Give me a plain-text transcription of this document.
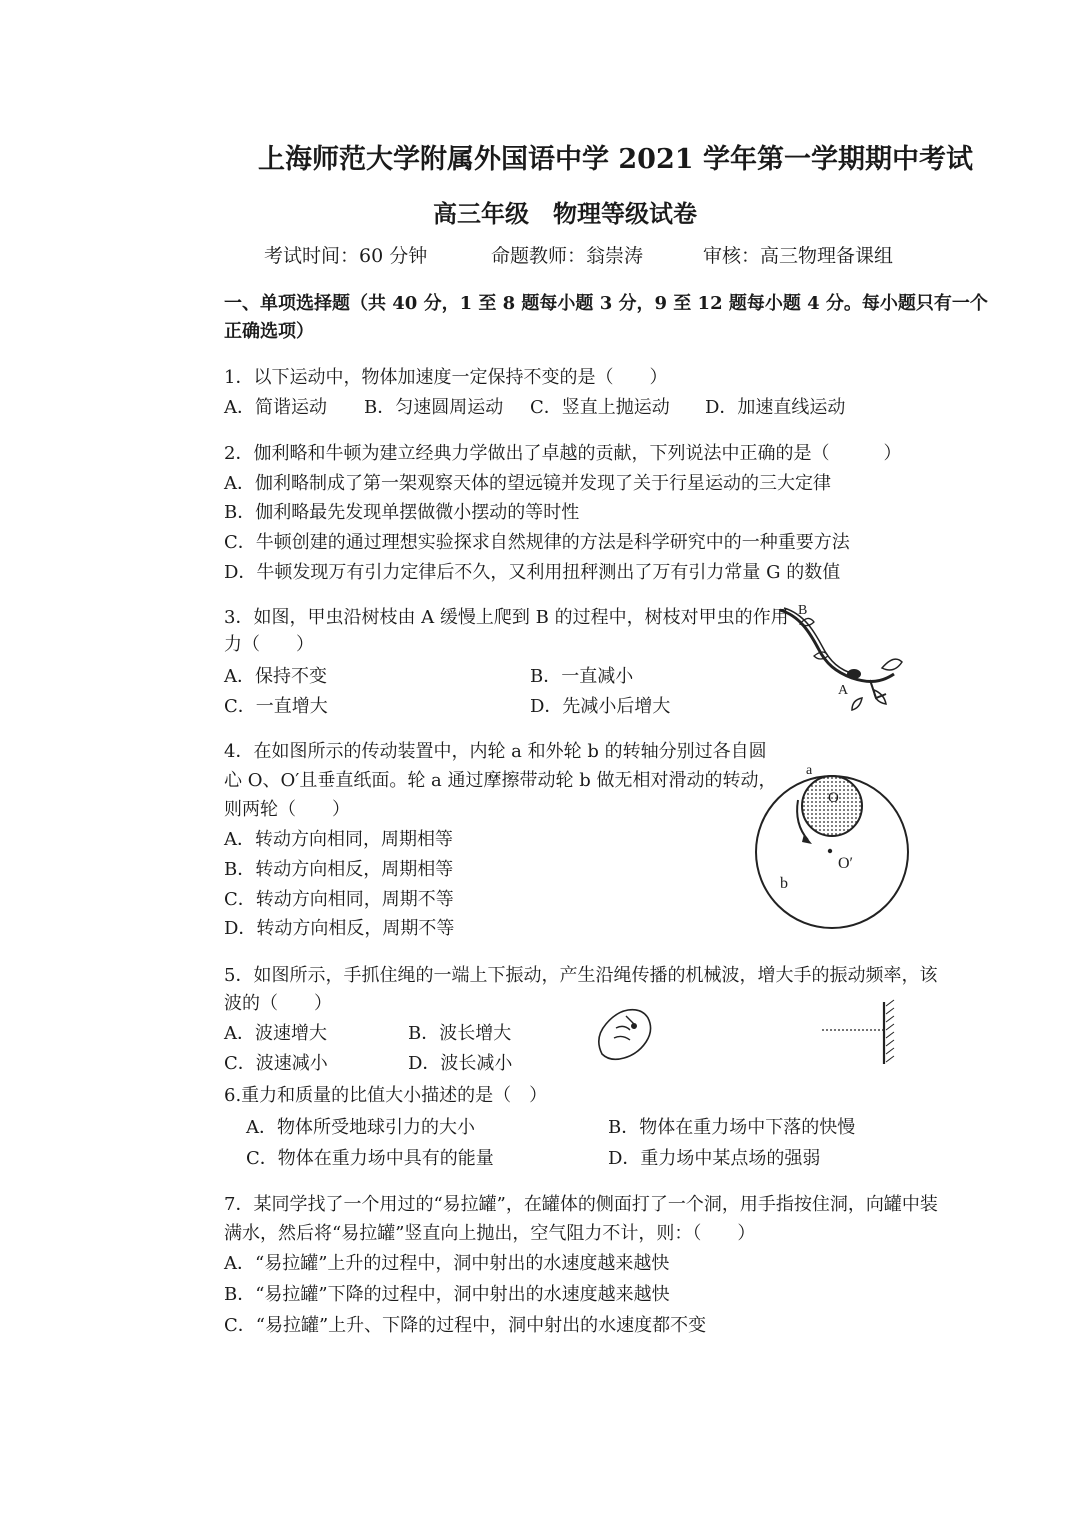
上海师范大学附属外国语中学 2021 学年第一学期期中考试
高三年级　物理等级试卷
考试时间：60 分钟	命题教师：翁崇涛	审核：高三物理备课组
一、单项选择题（共 40 分，1 至 8 题每小题 3 分，9 至 12 题每小题 4 分。每小题只有一个
正确选项）
1．以下运动中，物体加速度一定保持不变的是（　　）
A．简谐运动 B．匀速圆周运动 C．竖直上抛运动 D．加速直线运动
2．伽利略和牛顿为建立经典力学做出了卓越的贡献，下列说法中正确的是（　　　）
A．伽利略制成了第一架观察天体的望远镜并发现了关于行星运动的三大定律
B．伽利略最先发现单摆做微小摆动的等时性
C．牛顿创建的通过理想实验探求自然规律的方法是科学研究中的一种重要方法
D．牛顿发现万有引力定律后不久，又利用扭秤测出了万有引力常量 G 的数值
3．如图，甲虫沿树枝由 A 缓慢上爬到 B 的过程中，树枝对甲虫的作用
力（　　）
A．保持不变	B．一直减小
C．一直增大	D．先减小后增大
B
A
4．在如图所示的传动装置中，内轮 a 和外轮 b 的转轴分别过各自圆
心 O、O′且垂直纸面。轮 a 通过摩擦带动轮 b 做无相对滑动的转动，
则两轮（　　）
A．转动方向相同，周期相等
B．转动方向相反，周期相等
C．转动方向相同，周期不等
D．转动方向相反，周期不等
a
O
O′
b
5．如图所示，手抓住绳的一端上下振动，产生沿绳传播的机械波，增大手的振动频率，该
波的（　　）
A．波速增大	B．波长增大
C．波速减小	D．波长减小
6.重力和质量的比值大小描述的是（　）
A．物体所受地球引力的大小	B．物体在重力场中下落的快慢
C．物体在重力场中具有的能量	D．重力场中某点场的强弱
7．某同学找了一个用过的“易拉罐”，在罐体的侧面打了一个洞，用手指按住洞，向罐中装
满水，然后将“易拉罐”竖直向上抛出，空气阻力不计，则：（　　）
A．“易拉罐”上升的过程中，洞中射出的水速度越来越快
B．“易拉罐”下降的过程中，洞中射出的水速度越来越快
C．“易拉罐”上升、下降的过程中，洞中射出的水速度都不变
